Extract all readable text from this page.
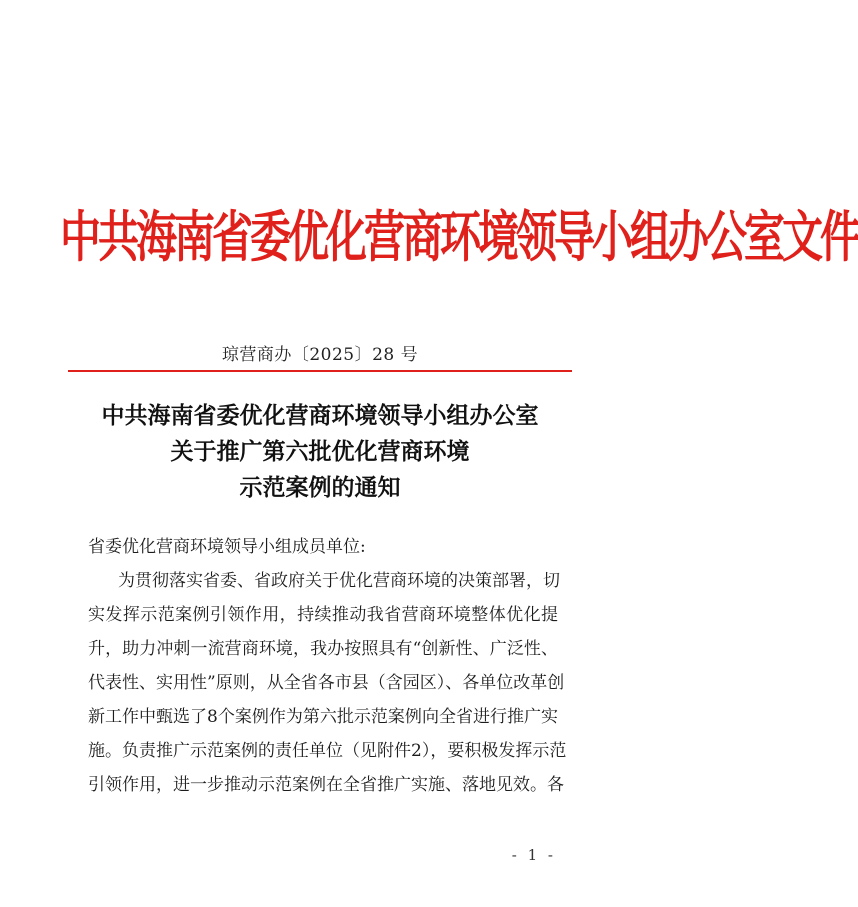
中共海南省委优化营商环境领导小组办公室文件
琼营商办〔2025〕28 号
中共海南省委优化营商环境领导小组办公室
关于推广第六批优化营商环境
示范案例的通知
省委优化营商环境领导小组成员单位:
为贯彻落实省委、省政府关于优化营商环境的决策部署，切
实发挥示范案例引领作用，持续推动我省营商环境整体优化提
升，助力冲刺一流营商环境，我办按照具有“创新性、广泛性、
代表性、实用性”原则，从全省各市县（含园区）、各单位改革创
新工作中甄选了8个案例作为第六批示范案例向全省进行推广实
施。负责推广示范案例的责任单位（见附件2），要积极发挥示范
引领作用，进一步推动示范案例在全省推广实施、落地见效。各
- 1 -
